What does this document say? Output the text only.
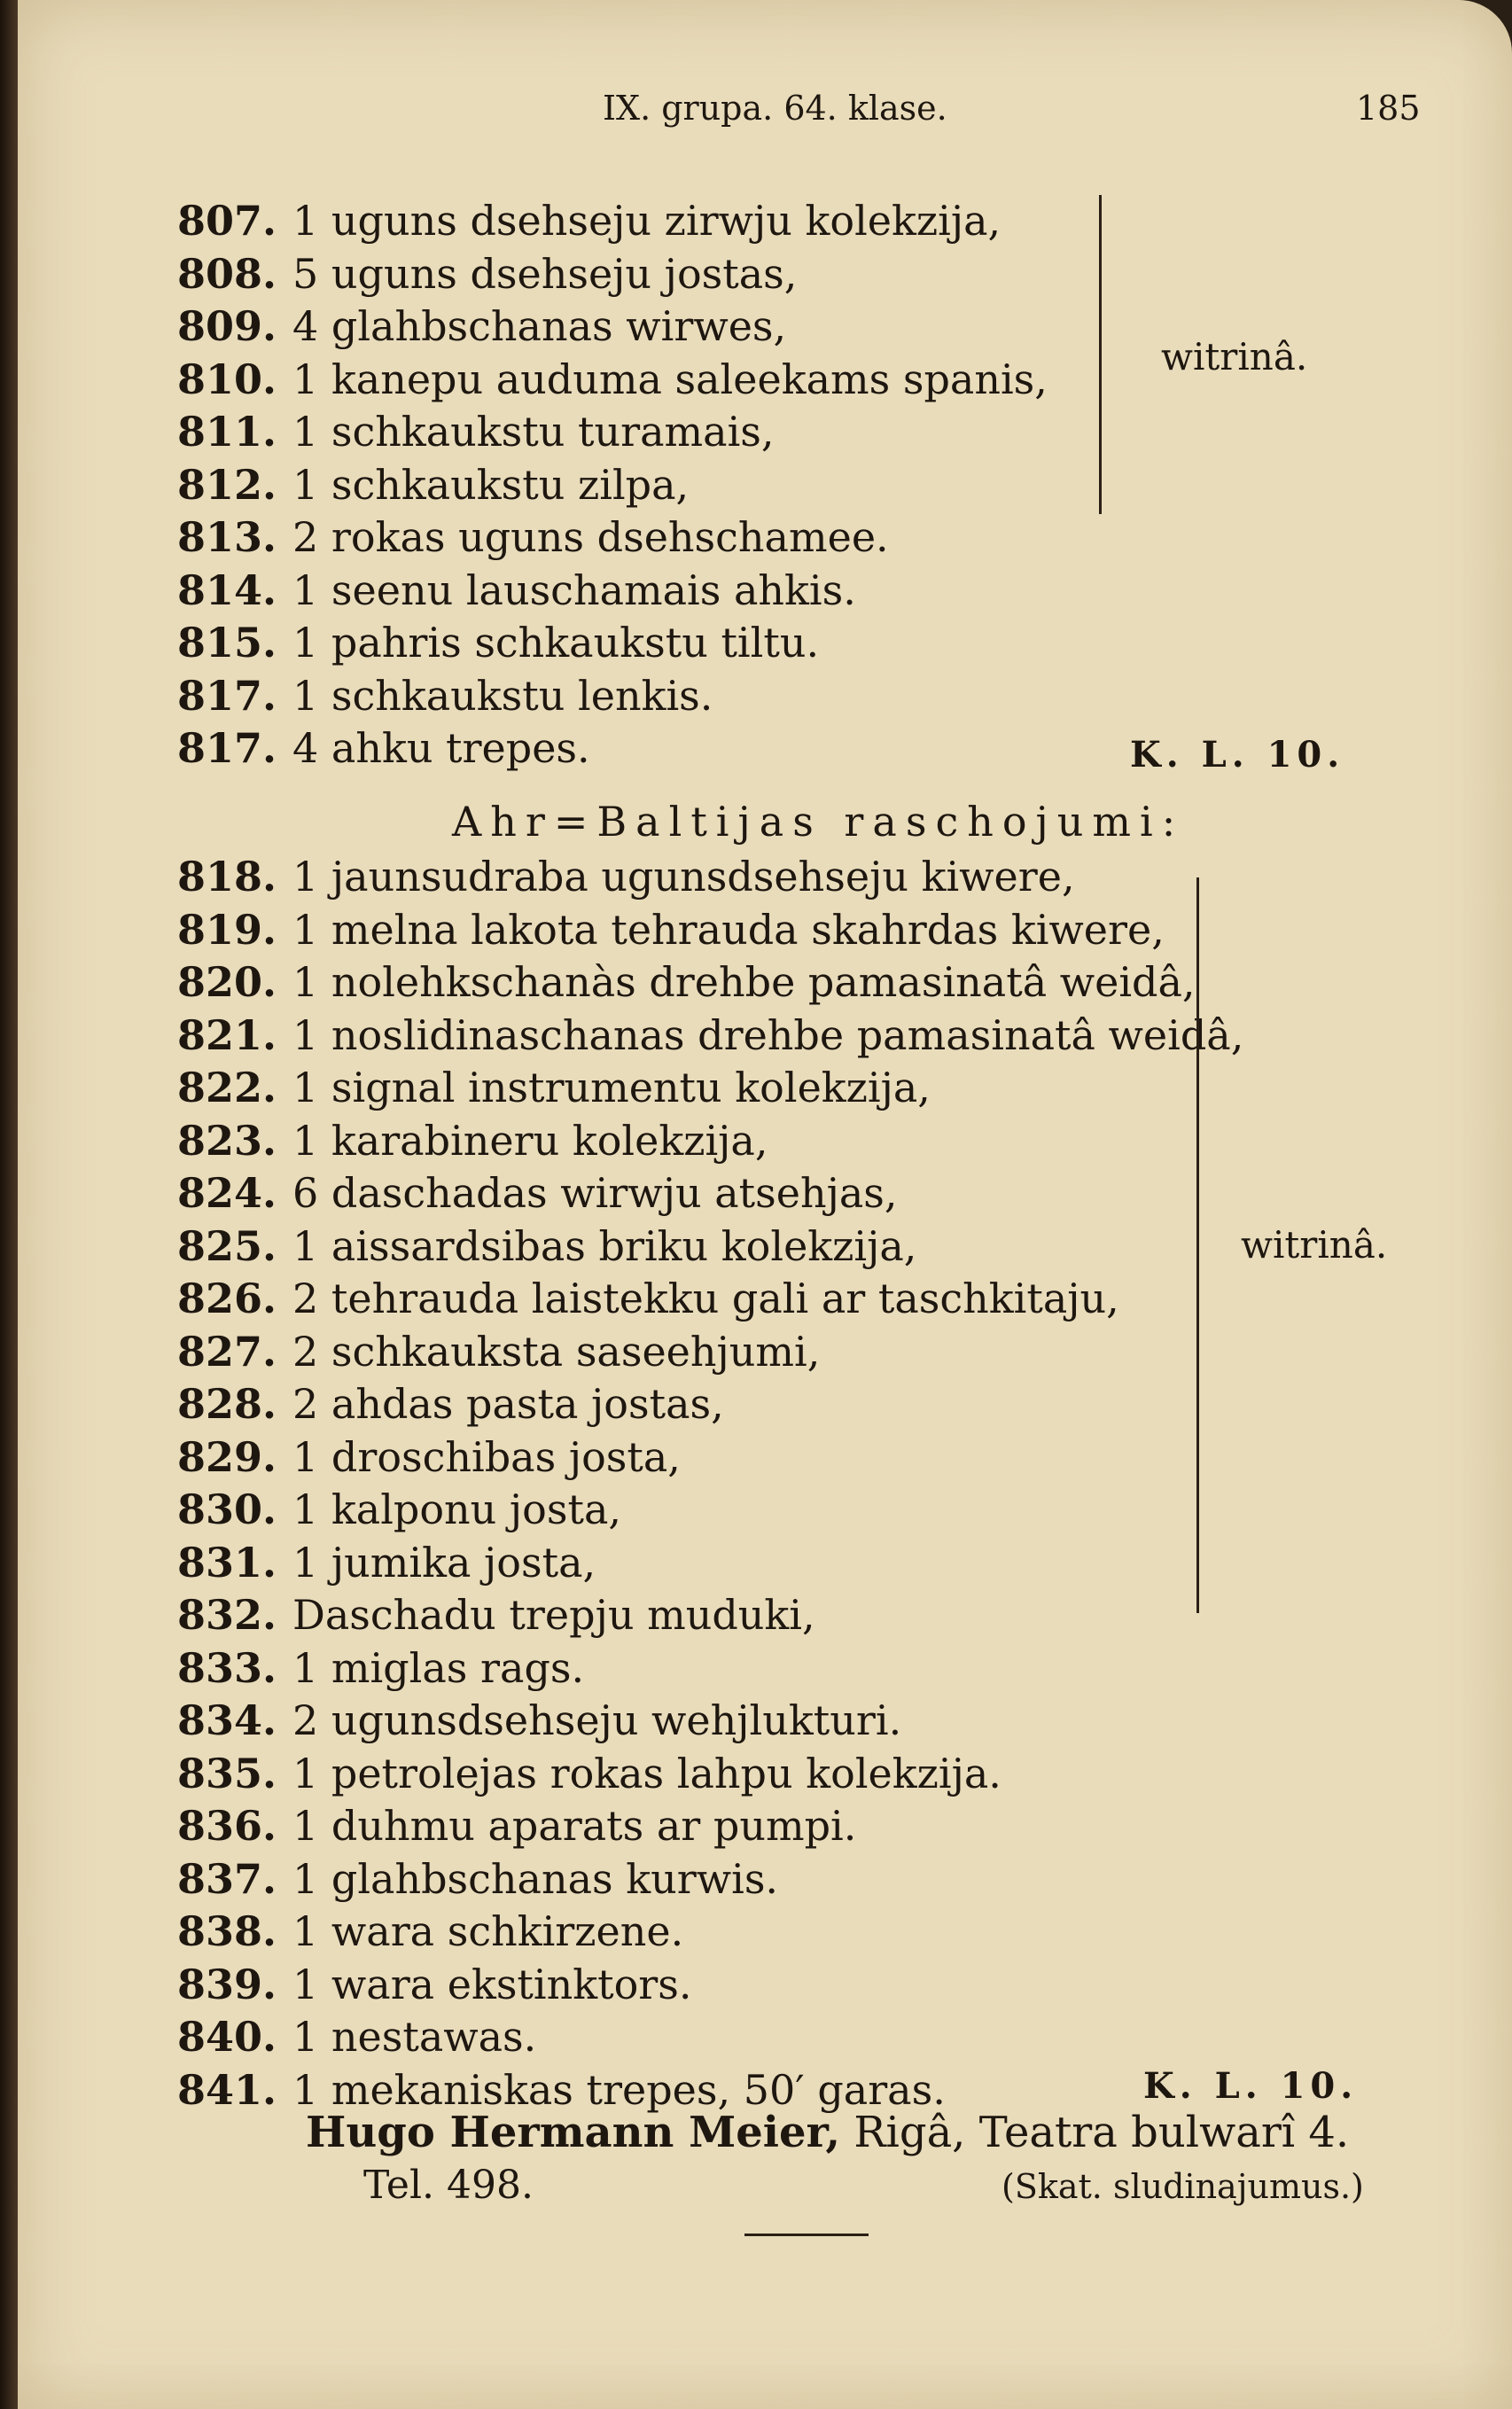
IX. grupa. 64. klase.	185
807. 1 uguns dsehseju zirwju kolekzija,
808. 5 uguns dsehseju jostas,
809. 4 glahbschanas wirwes,
810. 1 kanepu auduma saleekams spanis,
811. 1 schkaukstu turamais,
812. 1 schkaukstu zilpa,
813. 2 rokas uguns dsehschamee.
814. 1 seenu lauschamais ahkis.
815. 1 pahris schkaukstu tiltu.
817. 1 schkaukstu lenkis.
817. 4 ahku trepes.
witrinâ.
K. L. 10.
Ahr=Baltijas raschojumi:
818. 1 jaunsudraba ugunsdsehseju kiwere,
819. 1 melna lakota tehrauda skahrdas kiwere,
820. 1 nolehkschanàs drehbe pamasinatâ weidâ,
821. 1 noslidinaschanas drehbe pamasinatâ weidâ,
822. 1 signal instrumentu kolekzija,
823. 1 karabineru kolekzija,
824. 6 daschadas wirwju atsehjas,
825. 1 aissardsibas briku kolekzija,
826. 2 tehrauda laistekku gali ar taschkitaju,
827. 2 schkauksta saseehjumi,
828. 2 ahdas pasta jostas,
829. 1 droschibas josta,
830. 1 kalponu josta,
831. 1 jumika josta,
832. Daschadu trepju muduki,
833. 1 miglas rags.
834. 2 ugunsdsehseju wehjlukturi.
835. 1 petrolejas rokas lahpu kolekzija.
836. 1 duhmu aparats ar pumpi.
837. 1 glahbschanas kurwis.
838. 1 wara schkirzene.
839. 1 wara ekstinktors.
840. 1 nestawas.
841. 1 mekaniskas trepes, 50′ garas.
witrinâ.
K. L. 10.
Hugo Hermann Meier, Rigâ, Teatra bulwarî 4.
Tel. 498.	(Skat. sludinajumus.)
